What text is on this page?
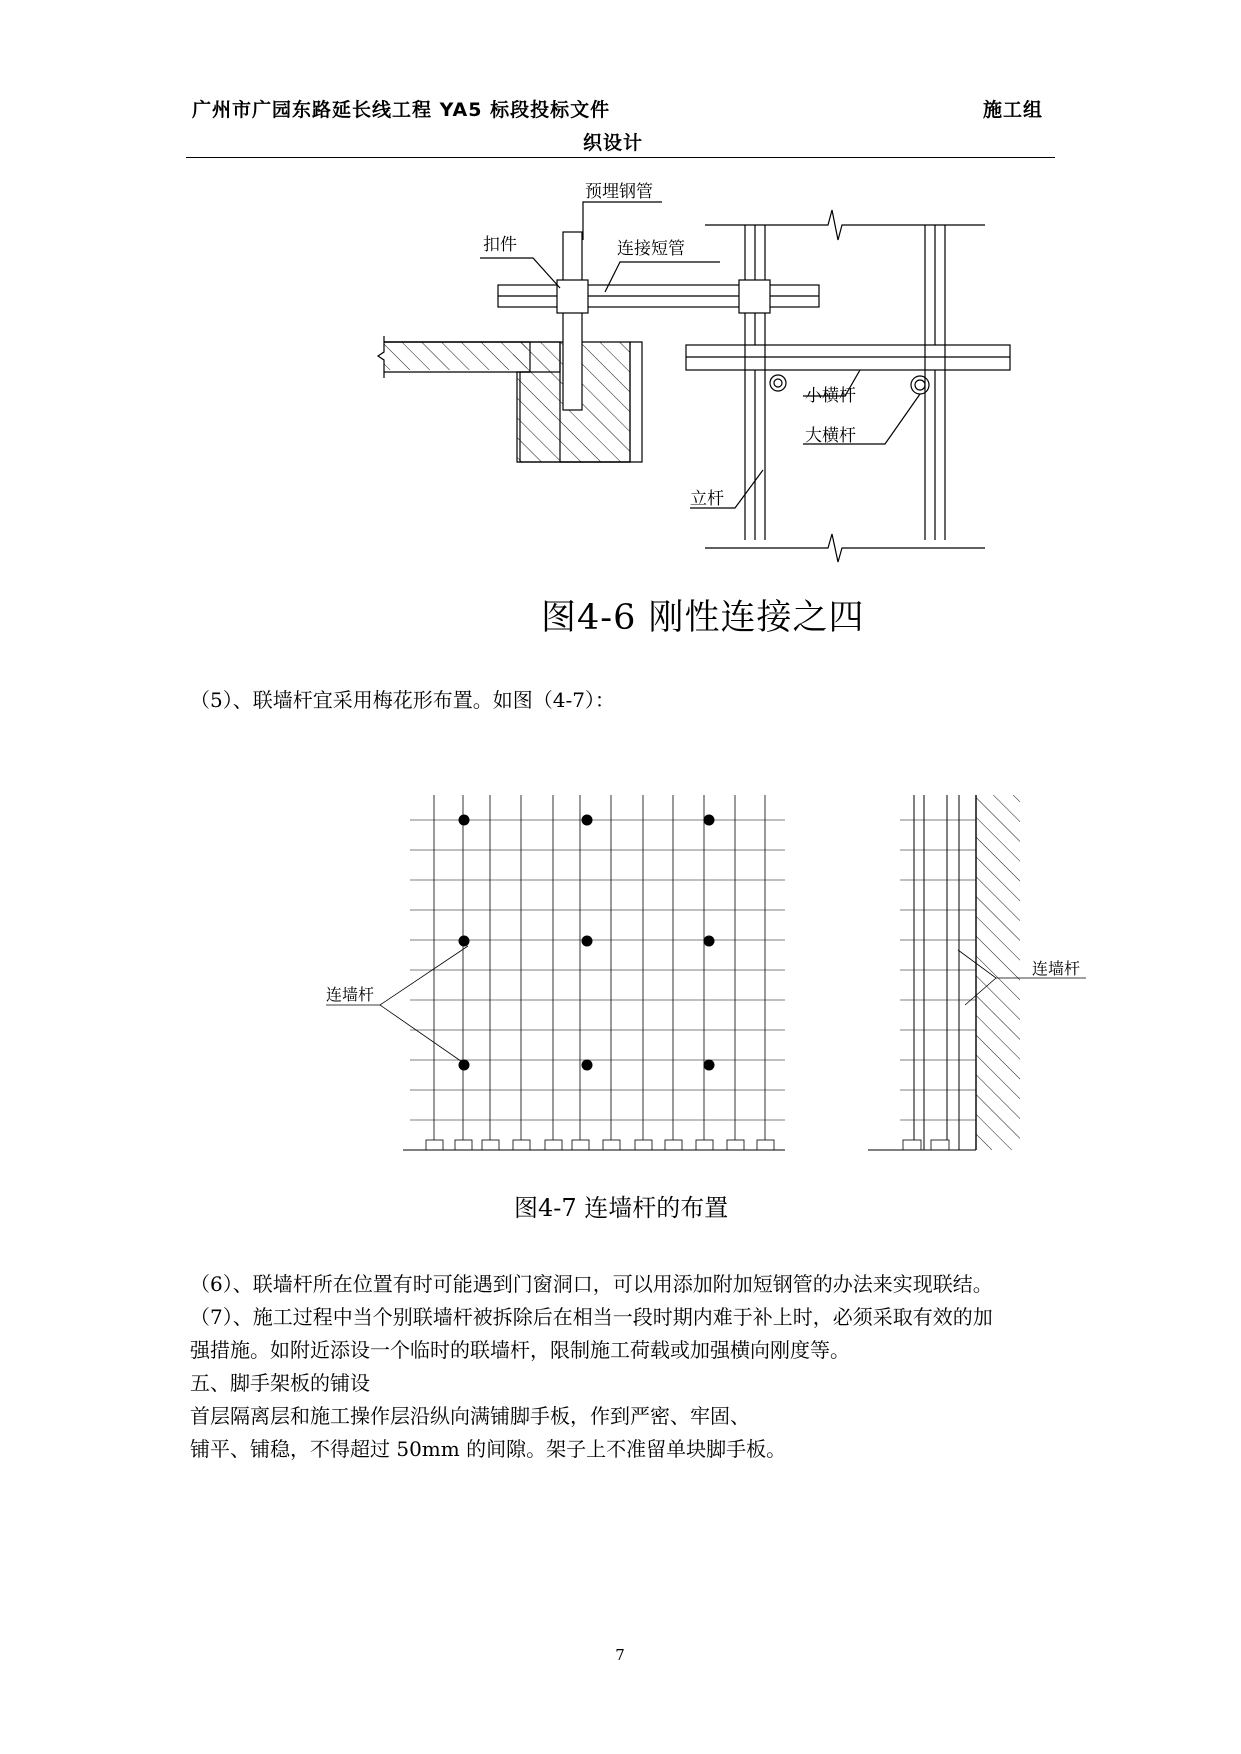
广州市广园东路延长线工程 YA5 标段投标文件	施工组
织设计
预埋钢管
扣件	连接短管
小横杆
大横杆
立杆
连墙杆
连墙杆
图4-6 刚性连接之四
（5）、联墙杆宜采用梅花形布置。如图（4-7）：
图4-7 连墙杆的布置
（6）、联墙杆所在位置有时可能遇到门窗洞口，可以用添加附加短钢管的办法来实现联结。
（7）、施工过程中当个别联墙杆被拆除后在相当一段时期内难于补上时，必须采取有效的加
强措施。如附近添设一个临时的联墙杆，限制施工荷载或加强横向刚度等。
五、脚手架板的铺设
首层隔离层和施工操作层沿纵向满铺脚手板，作到严密、牢固、
铺平、铺稳，不得超过 50mm 的间隙。架子上不准留单块脚手板。
7
